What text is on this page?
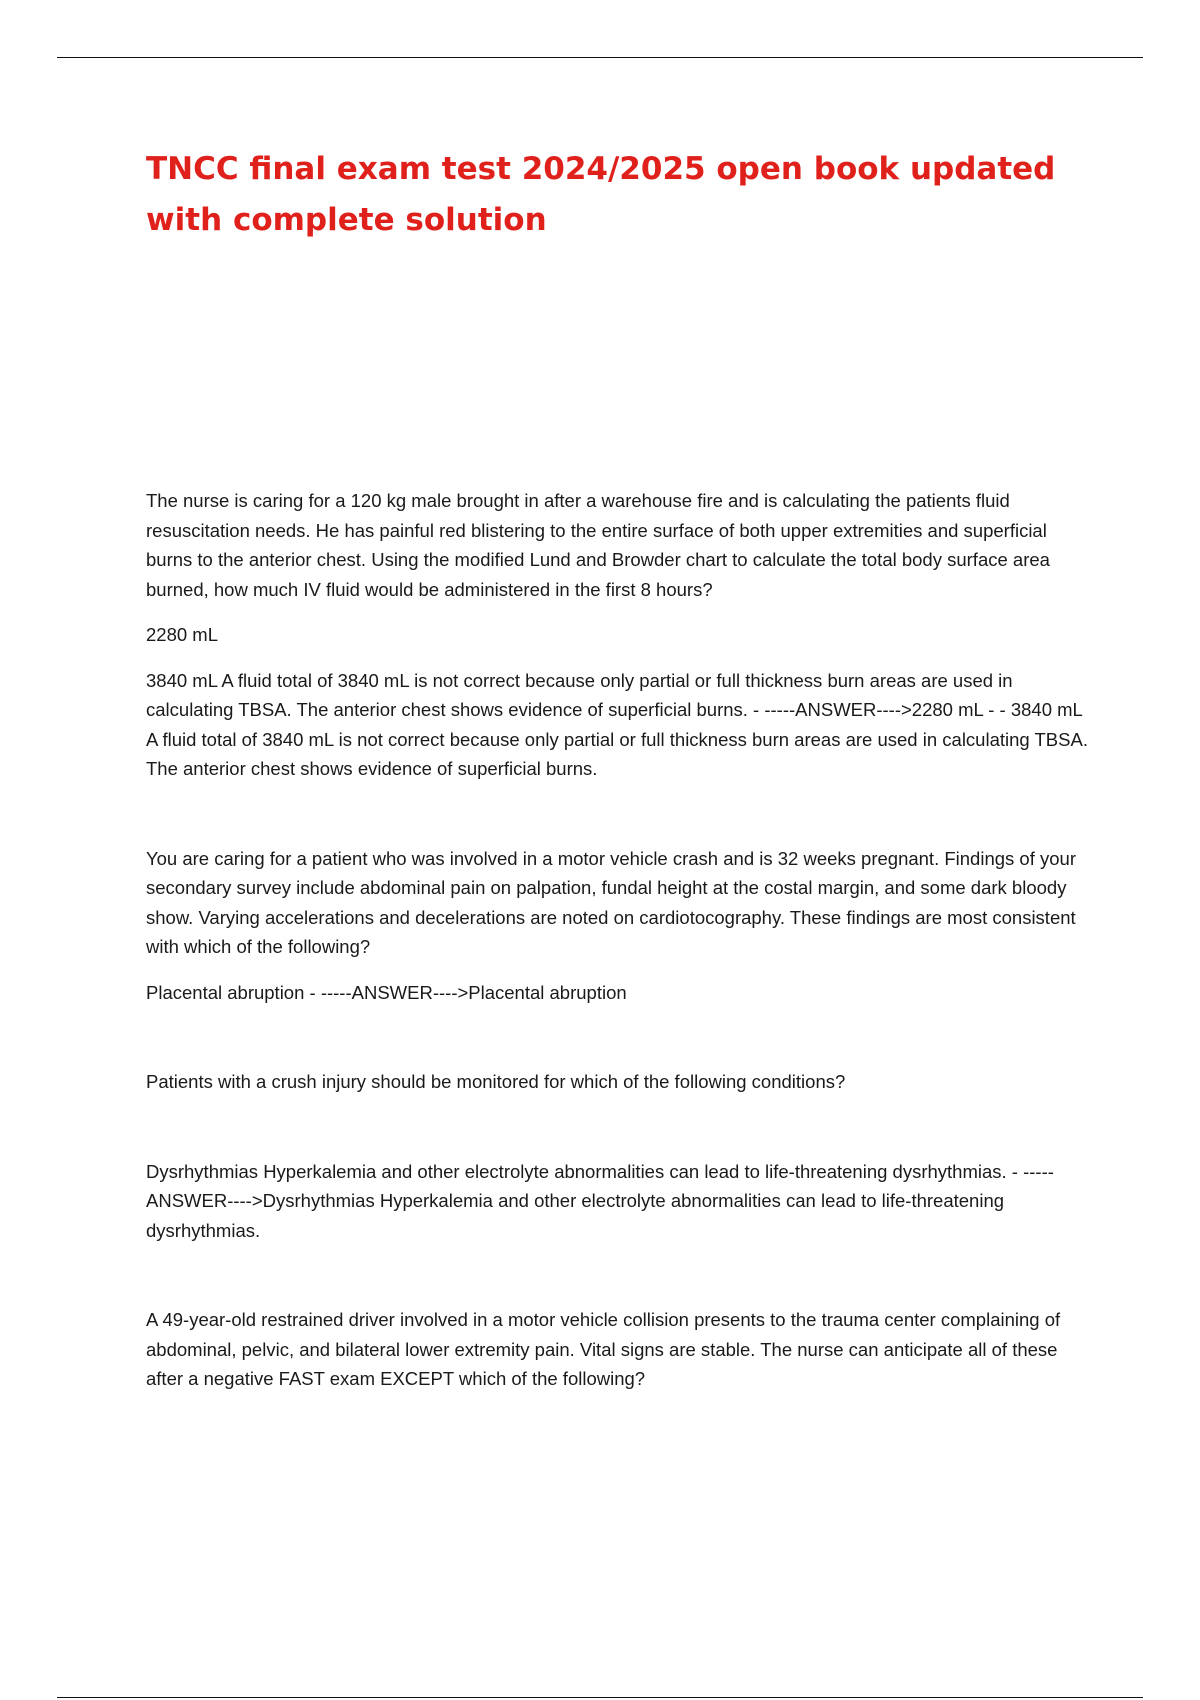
TNCC final exam test 2024/2025 open book updated with complete solution

The nurse is caring for a 120 kg male brought in after a warehouse fire and is calculating the patients fluid resuscitation needs. He has painful red blistering to the entire surface of both upper extremities and superficial burns to the anterior chest. Using the modified Lund and Browder chart to calculate the total body surface area burned, how much IV fluid would be administered in the first 8 hours?

2280 mL

3840 mL A fluid total of 3840 mL is not correct because only partial or full thickness burn areas are used in calculating TBSA. The anterior chest shows evidence of superficial burns. - -----ANSWER---->2280 mL - - 3840 mL A fluid total of 3840 mL is not correct because only partial or full thickness burn areas are used in calculating TBSA. The anterior chest shows evidence of superficial burns.

You are caring for a patient who was involved in a motor vehicle crash and is 32 weeks pregnant. Findings of your secondary survey include abdominal pain on palpation, fundal height at the costal margin, and some dark bloody show. Varying accelerations and decelerations are noted on cardiotocography. These findings are most consistent with which of the following?

Placental abruption - -----ANSWER---->Placental abruption

Patients with a crush injury should be monitored for which of the following conditions?

Dysrhythmias Hyperkalemia and other electrolyte abnormalities can lead to life-threatening dysrhythmias. - -----ANSWER---->Dysrhythmias Hyperkalemia and other electrolyte abnormalities can lead to life-threatening dysrhythmias.

A 49-year-old restrained driver involved in a motor vehicle collision presents to the trauma center complaining of abdominal, pelvic, and bilateral lower extremity pain. Vital signs are stable. The nurse can anticipate all of these after a negative FAST exam EXCEPT which of the following?
